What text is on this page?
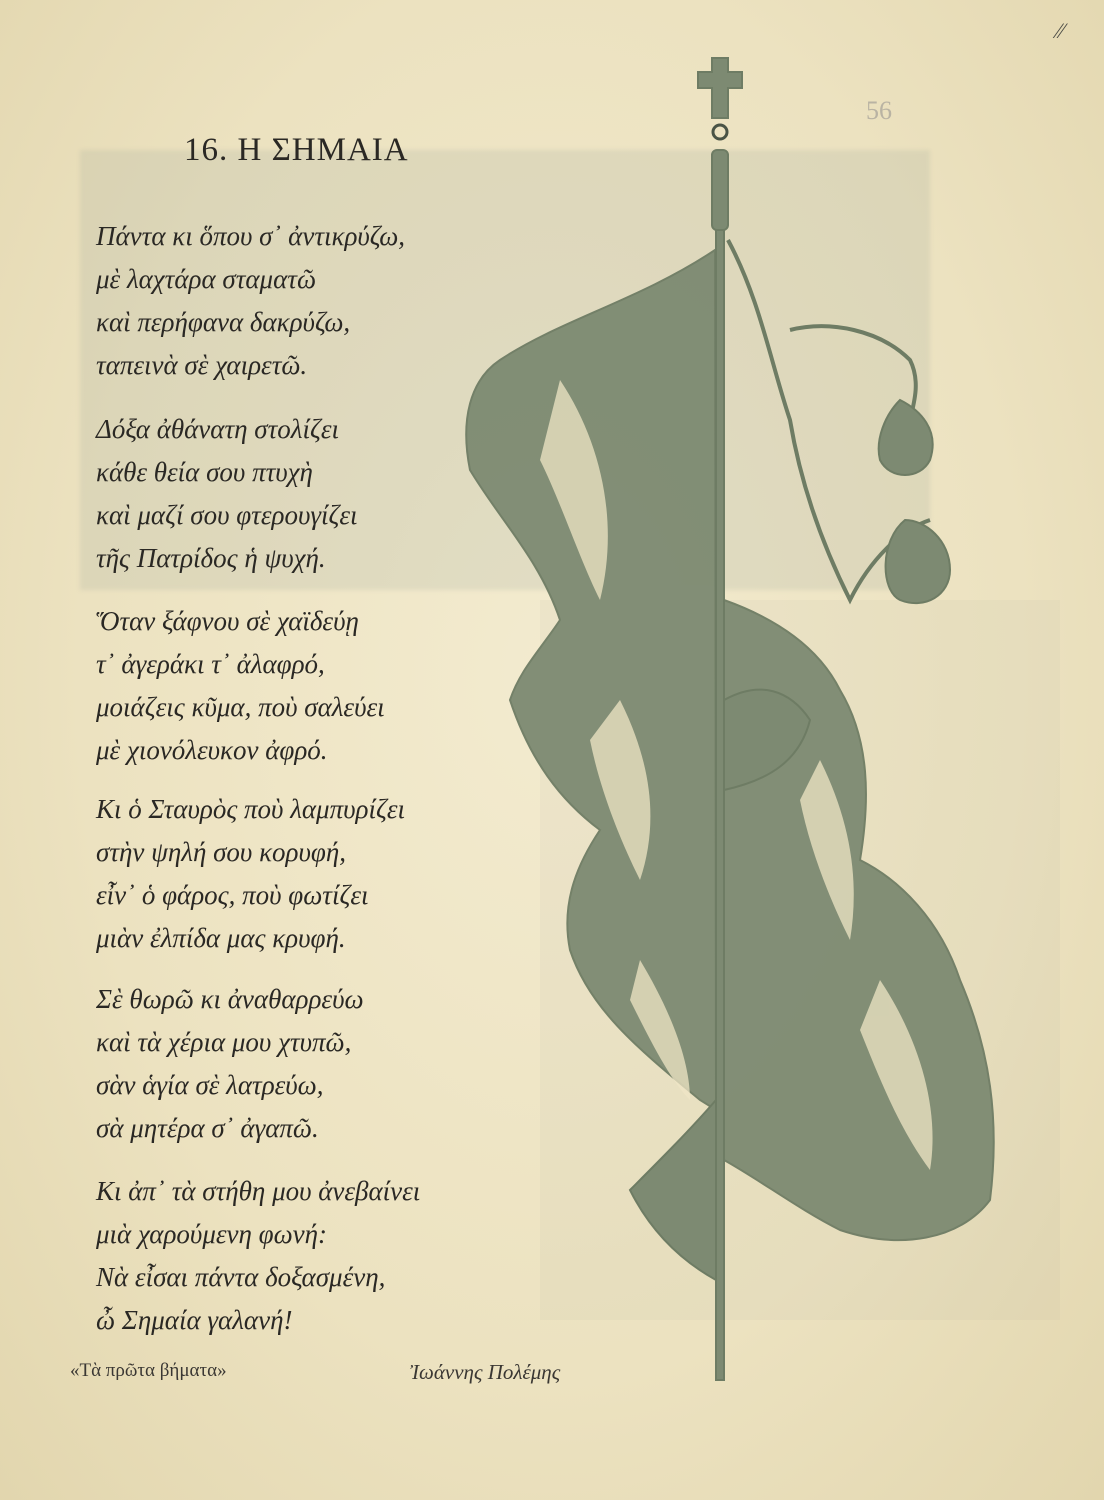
56
⁄⁄
16. Η ΣΗΜΑΙΑ
Πάντα κι ὅπου σ᾿ ἀντικρύζω,
μὲ λαχτάρα σταματῶ
καὶ περήφανα δακρύζω,
ταπεινὰ σὲ χαιρετῶ.
Δόξα ἀθάνατη στολίζει
κάθε θεία σου πτυχὴ
καὶ μαζί σου φτερουγίζει
τῆς Πατρίδος ἡ ψυχή.
Ὅταν ξάφνου σὲ χαϊδεύῃ
τ᾿ ἀγεράκι τ᾿ ἀλαφρό,
μοιάζεις κῦμα, ποὺ σαλεύει
μὲ χιονόλευκον ἀφρό.
Κι ὁ Σταυρὸς ποὺ λαμπυρίζει
στὴν ψηλή σου κορυφή,
εἶν᾿ ὁ φάρος, ποὺ φωτίζει
μιὰν ἐλπίδα μας κρυφή.
Σὲ θωρῶ κι ἀναθαρρεύω
καὶ τὰ χέρια μου χτυπῶ,
σὰν ἁγία σὲ λατρεύω,
σὰ μητέρα σ᾿ ἀγαπῶ.
Κι ἀπ᾿ τὰ στήθη μου ἀνεβαίνει
μιὰ χαρούμενη φωνή:
Νὰ εἶσαι πάντα δοξασμένη,
ὦ Σημαία γαλανή!
«Τὰ πρῶτα βήματα»	Ἰωάννης Πολέμης
